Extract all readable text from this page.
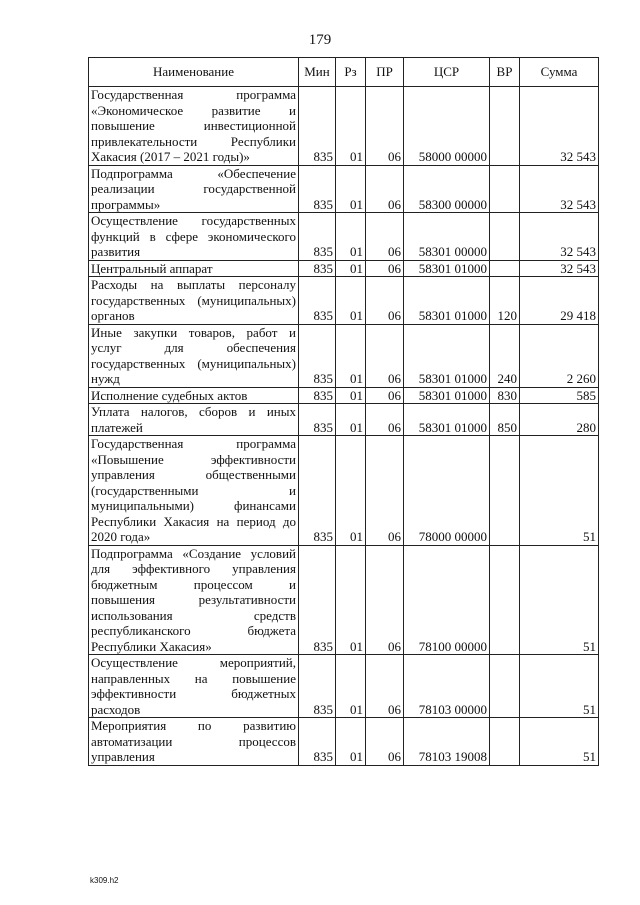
179
Наименование	Мин	Рз	ПР	ЦСР	ВР	Сумма
Государственная программа «Экономическое развитие и повышение инвестиционной привлекательности Республики Хакасия (2017 – 2021 годы)»	835	01	06	58000 00000		32 543
Подпрограмма «Обеспечение реализации государственной программы»	835	01	06	58300 00000		32 543
Осуществление государственных функций в сфере экономического развития	835	01	06	58301 00000		32 543
Центральный аппарат	835	01	06	58301 01000		32 543
Расходы на выплаты персоналу государственных (муниципальных) органов	835	01	06	58301 01000	120	29 418
Иные закупки товаров, работ и услуг для обеспечения государственных (муниципальных) нужд	835	01	06	58301 01000	240	2 260
Исполнение судебных актов	835	01	06	58301 01000	830	585
Уплата налогов, сборов и иных платежей	835	01	06	58301 01000	850	280
Государственная программа «Повышение эффективности управления общественными (государственными и муниципальными) финансами Республики Хакасия на период до 2020 года»	835	01	06	78000 00000		51
Подпрограмма «Создание условий для эффективного управления бюджетным процессом и повышения результативности использования средств республиканского бюджета Республики Хакасия»	835	01	06	78100 00000		51
Осуществление мероприятий, направленных на повышение эффективности бюджетных расходов	835	01	06	78103 00000		51
Мероприятия по развитию автоматизации процессов управления	835	01	06	78103 19008		51
k309.h2
